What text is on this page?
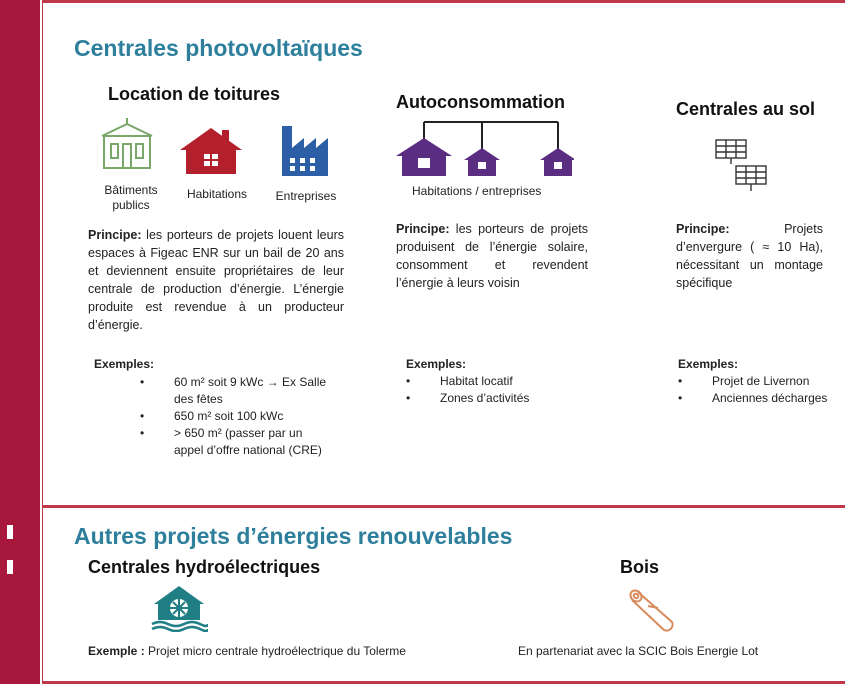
Centrales photovoltaïques
Location de toitures
Bâtiments publics
Habitations	Entreprises
Principe: les porteurs de projets louent leurs espaces à Figeac ENR sur un bail de 20 ans et deviennent ensuite propriétaires de leur centrale de production d’énergie. L’énergie produite est revendue à un producteur d’énergie.
Exemples:
• 60 m² soit 9 kWc → Ex Salle des fêtes
• 650 m² soit 100 kWc
• > 650 m² (passer par un appel d’offre national (CRE)
Autoconsommation
Habitations / entreprises
Principe: les porteurs de projets produisent de l’énergie solaire, consomment et revendent l’énergie à leurs voisin
Exemples:
• Habitat locatif
• Zones d’activités
Centrales au sol
Principe: Projets d’envergure ( ≈ 10 Ha), nécessitant un montage spécifique
Exemples:
• Projet de Livernon
• Anciennes décharges
Autres projets d’énergies renouvelables
Centrales hydroélectriques
Exemple : Projet micro centrale hydroélectrique du Tolerme
Bois
En partenariat avec la SCIC Bois Energie Lot
